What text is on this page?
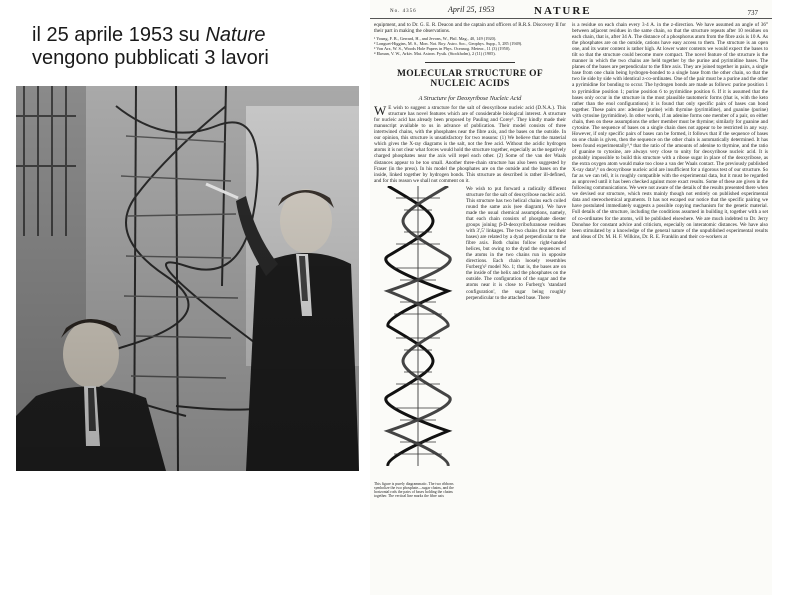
il 25 aprile 1953 su Nature
vengono pubblicati 3 lavori
No. 4356	April 25, 1953	NATURE	737
equipment, and to Dr. G. E. R. Deacon and the captain and officers of R.R.S. Discovery II for their part in making the observations.
¹ Young, F. B., Gerrard, H., and Jevons, W., Phil. Mag., 40, 149 (1920).
² Longuet-Higgins, M. S., Mon. Not. Roy. Astro. Soc., Geophys. Supp., 5, 285 (1949).
³ Von Arx, W. S., Woods Hole Papers in Phys. Oceanog. Meteor., 11 (3) (1950).
⁴ Ekman, V. W., Arkiv. Mat. Astron. Fysik. (Stockholm), 2 (11) (1905).
MOLECULAR STRUCTURE OF
NUCLEIC ACIDS
A Structure for Deoxyribose Nucleic Acid
W E wish to suggest a structure for the salt of deoxyribose nucleic acid (D.N.A.). This structure has novel features which are of considerable biological interest. A structure for nucleic acid has already been proposed by Pauling and Corey¹. They kindly made their manuscript available to us in advance of publication. Their model consists of three intertwined chains, with the phosphates near the fibre axis, and the bases on the outside. In our opinion, this structure is unsatisfactory for two reasons: (1) We believe that the material which gives the X-ray diagrams is the salt, not the free acid. Without the acidic hydrogen atoms it is not clear what forces would hold the structure together, especially as the negatively charged phosphates near the axis will repel each other. (2) Some of the van der Waals distances appear to be too small. Another three-chain structure has also been suggested by Fraser (in the press). In his model the phosphates are on the outside and the bases on the inside, linked together by hydrogen bonds. This structure as described is rather ill-defined, and for this reason we shall not comment on it.
We wish to put forward a radically different structure for the salt of deoxyribose nucleic acid. This structure has two helical chains each coiled round the same axis (see diagram). We have made the usual chemical assumptions, namely, that each chain consists of phosphate diester groups joining β-D-deoxyribofuranose residues with 3',5' linkages. The two chains (but not their bases) are related by a dyad perpendicular to the fibre axis. Both chains follow right-handed helices, but owing to the dyad the sequences of the atoms in the two chains run in opposite directions. Each chain loosely resembles Furberg's² model No. 1; that is, the bases are on the inside of the helix and the phosphates on the outside. The configuration of the sugar and the atoms near it is close to Furberg's 'standard configuration', the sugar being roughly perpendicular to the attached base. There
This figure is purely diagrammatic. The two ribbons symbolize the two phosphate—sugar chains, and the horizontal rods the pairs of bases holding the chains together. The vertical line marks the fibre axis
is a residue on each chain every 3·4 A. in the z-direction. We have assumed an angle of 36° between adjacent residues in the same chain, so that the structure repeats after 10 residues on each chain, that is, after 34 A. The distance of a phosphorus atom from the fibre axis is 10 A. As the phosphates are on the outside, cations have easy access to them. The structure is an open one, and its water content is rather high. At lower water contents we would expect the bases to tilt so that the structure could become more compact. The novel feature of the structure is the manner in which the two chains are held together by the purine and pyrimidine bases. The planes of the bases are perpendicular to the fibre axis. They are joined together in pairs, a single base from one chain being hydrogen-bonded to a single base from the other chain, so that the two lie side by side with identical z-co-ordinates. One of the pair must be a purine and the other a pyrimidine for bonding to occur. The hydrogen bonds are made as follows: purine position 1 to pyrimidine position 1; purine position 6 to pyrimidine position 6. If it is assumed that the bases only occur in the structure in the most plausible tautomeric forms (that is, with the keto rather than the enol configurations) it is found that only specific pairs of bases can bond together. These pairs are: adenine (purine) with thymine (pyrimidine), and guanine (purine) with cytosine (pyrimidine). In other words, if an adenine forms one member of a pair, on either chain, then on these assumptions the other member must be thymine; similarly for guanine and cytosine. The sequence of bases on a single chain does not appear to be restricted in any way. However, if only specific pairs of bases can be formed, it follows that if the sequence of bases on one chain is given, then the sequence on the other chain is automatically determined. It has been found experimentally³,⁴ that the ratio of the amounts of adenine to thymine, and the ratio of guanine to cytosine, are always very close to unity for deoxyribose nucleic acid. It is probably impossible to build this structure with a ribose sugar in place of the deoxyribose, as the extra oxygen atom would make too close a van der Waals contact. The previously published X-ray data⁵,⁶ on deoxyribose nucleic acid are insufficient for a rigorous test of our structure. So far as we can tell, it is roughly compatible with the experimental data, but it must be regarded as unproved until it has been checked against more exact results. Some of these are given in the following communications. We were not aware of the details of the results presented there when we devised our structure, which rests mainly though not entirely on published experimental data and stereochemical arguments. It has not escaped our notice that the specific pairing we have postulated immediately suggests a possible copying mechanism for the genetic material. Full details of the structure, including the conditions assumed in building it, together with a set of co-ordinates for the atoms, will be published elsewhere. We are much indebted to Dr. Jerry Donohue for constant advice and criticism, especially on interatomic distances. We have also been stimulated by a knowledge of the general nature of the unpublished experimental results and ideas of Dr. M. H. F. Wilkins, Dr. R. E. Franklin and their co-workers at
